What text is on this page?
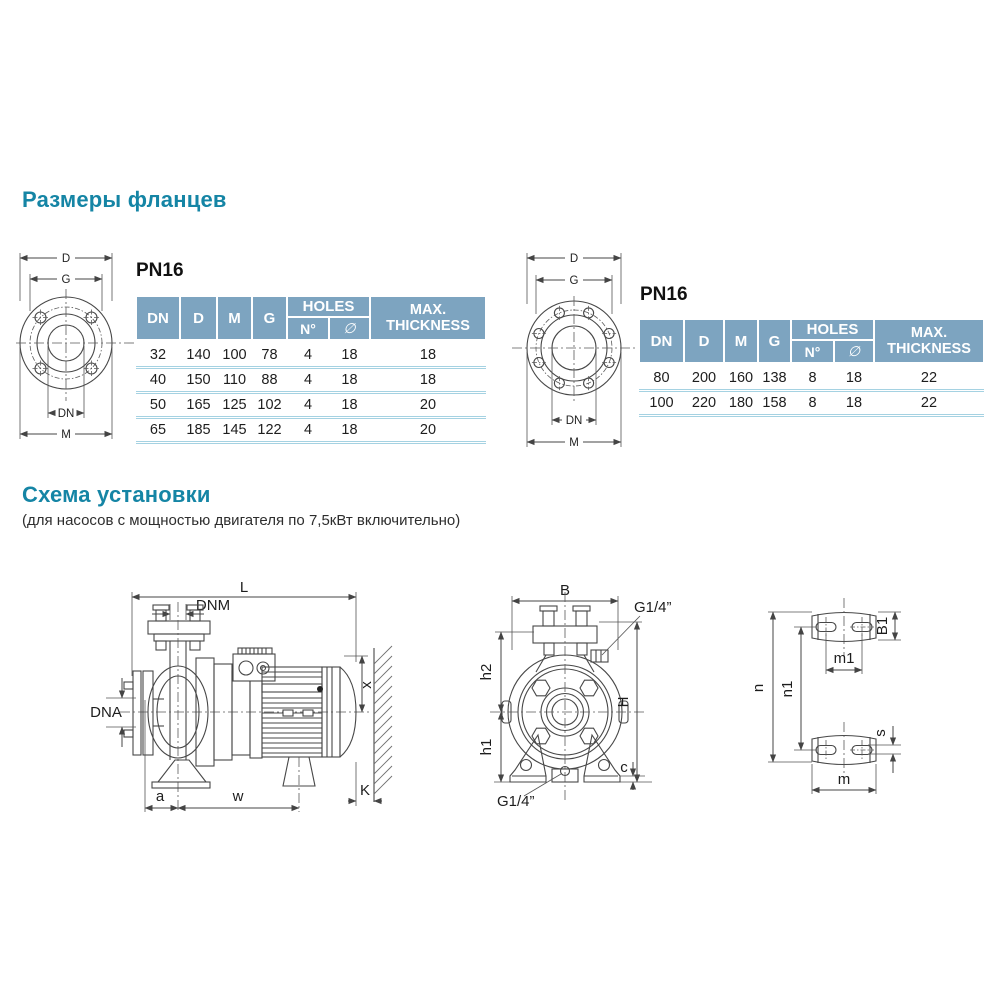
Размеры фланцев
D
G
DN
M
PN16
DN	D	M	G	HOLES		MAX.
THICKNESS

				N°	∅	
32	140	100	78	4	18	18
40	150	110	88	4	18	18
50	165	125	102	4	18	20
65	185	145	122	4	18	20
D
G
DN
M
PN16
DN	D	M	G	HOLES		MAX.
THICKNESS

				N°	∅	
80	200	160	138	8	18	22
100	220	180	158	8	18	22
Схема установки
(для насосов с мощностью двигателя по 7,5кВт включительно)
L
DNM
DNA
x
K
a	w
B
G1/4”
h2
h1
H
c
G1/4”
B1
m1
n n1
s
m
